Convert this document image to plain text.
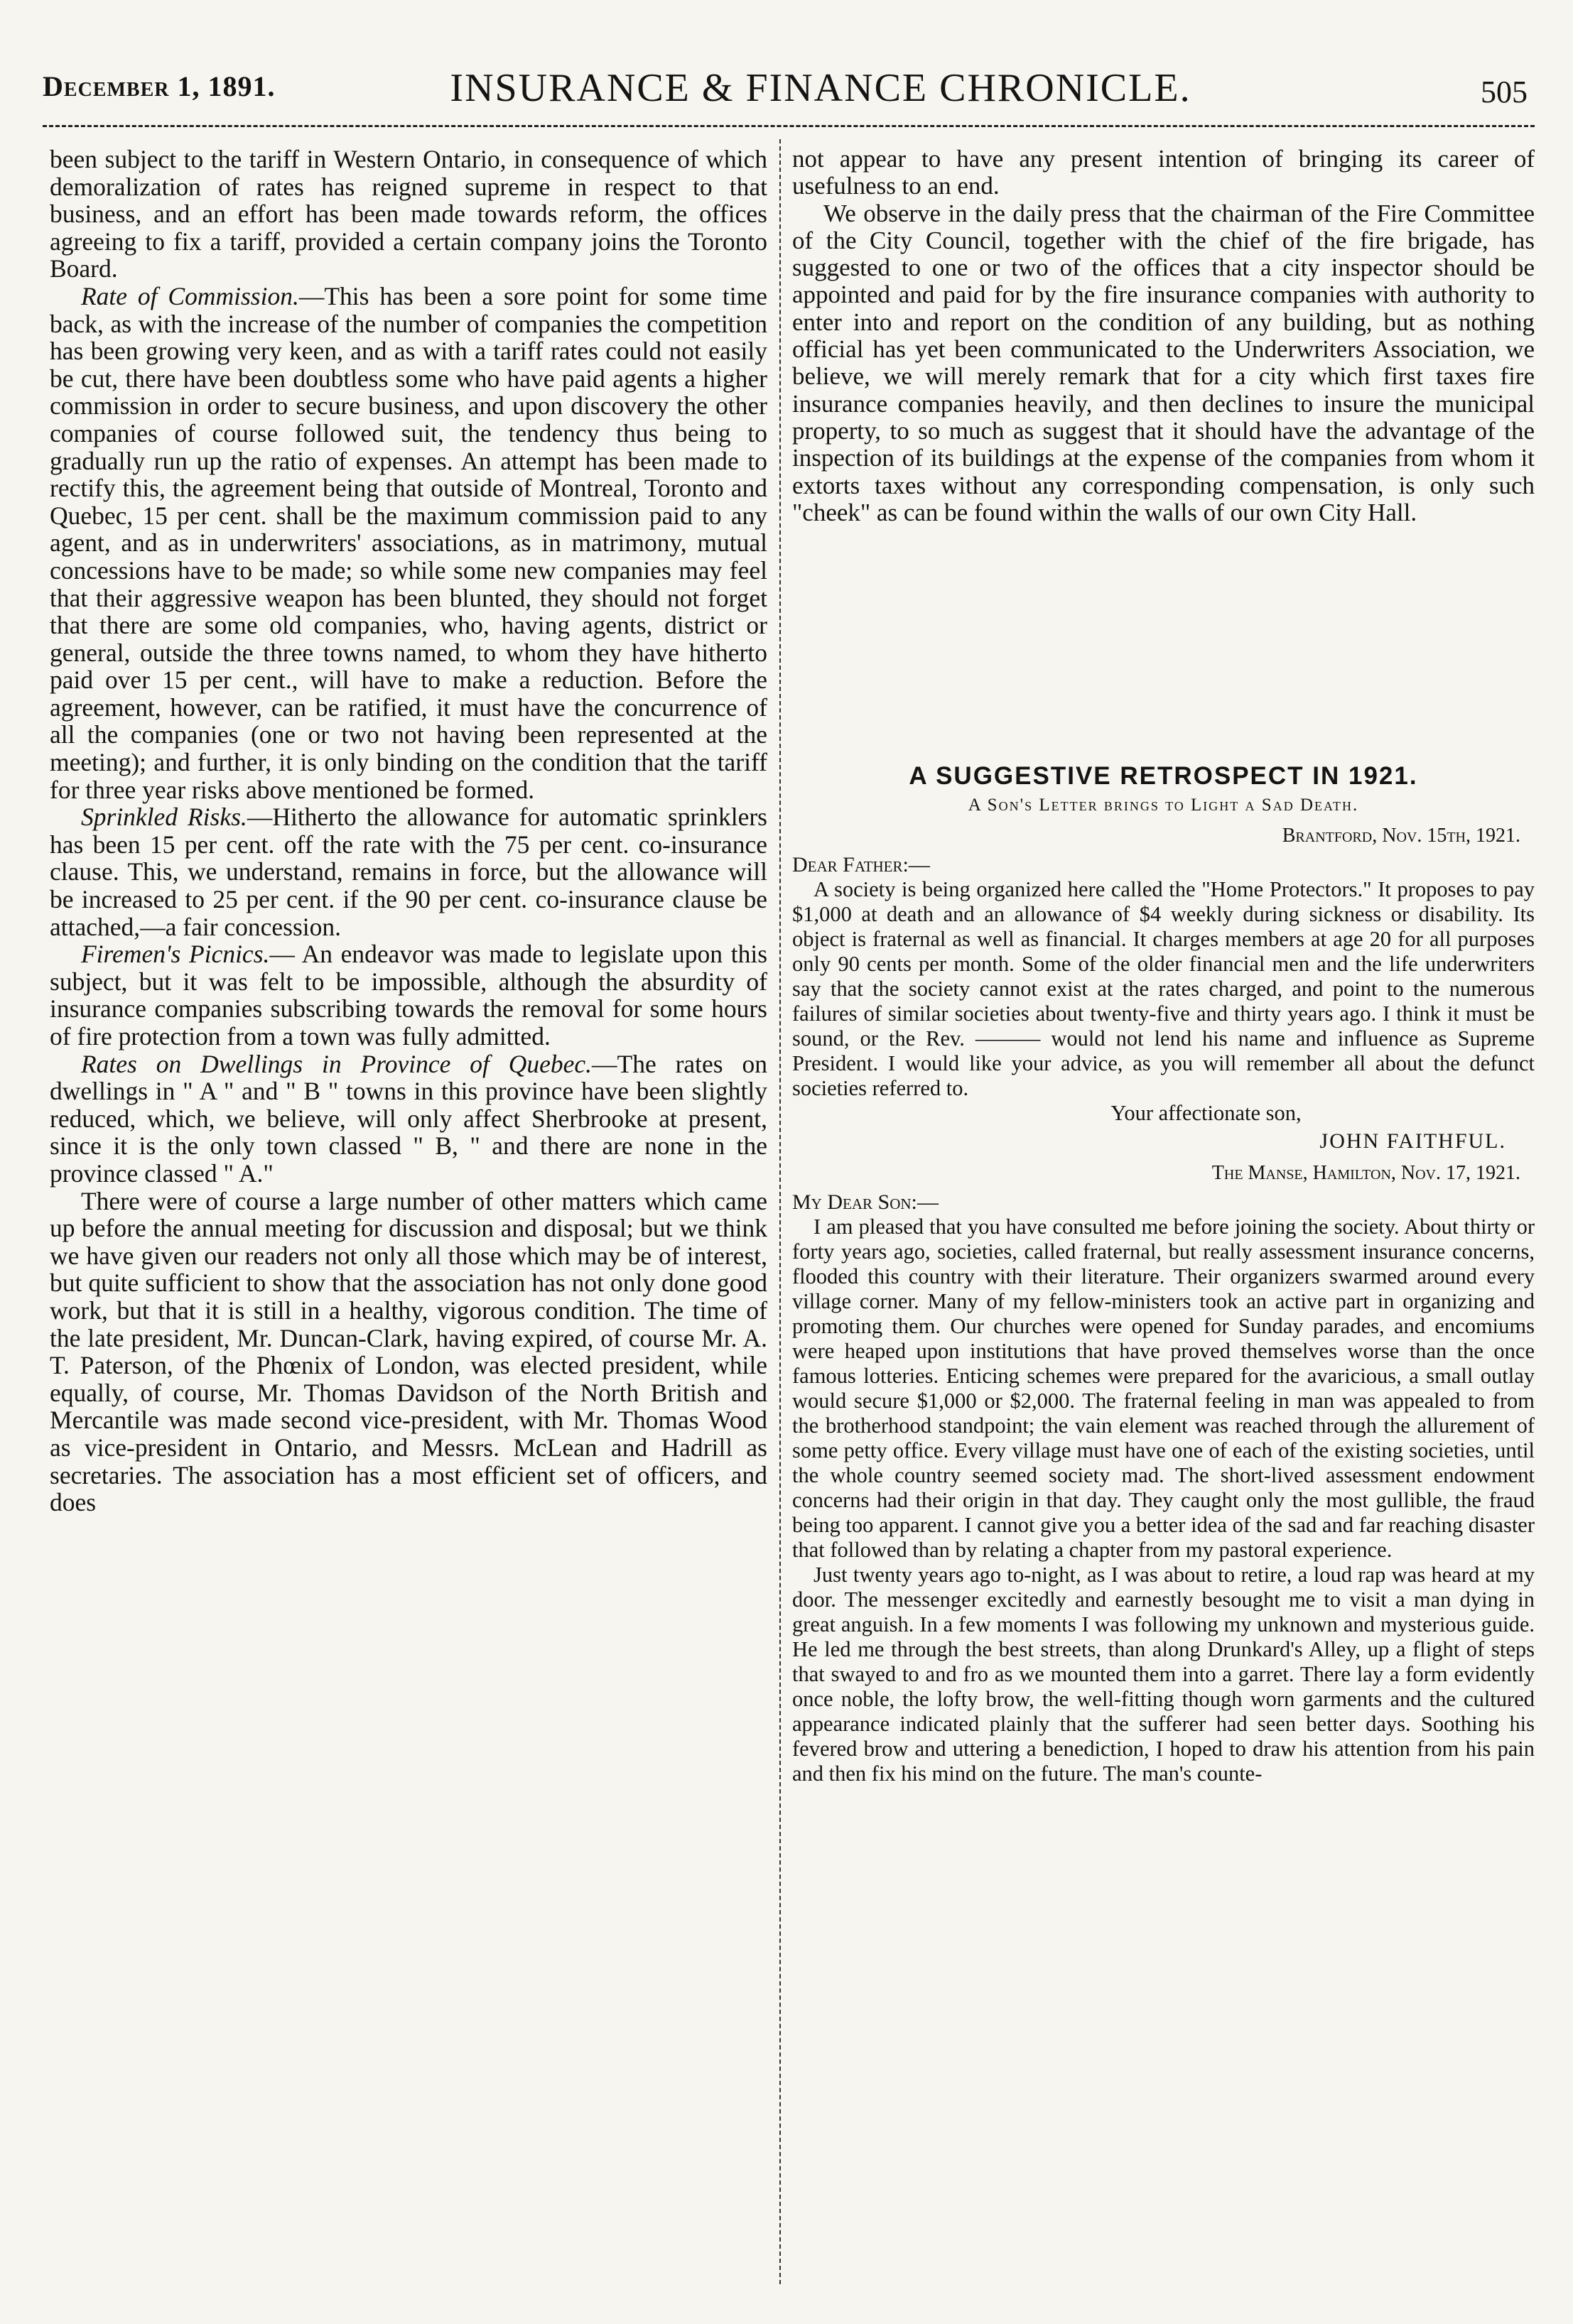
December 1, 1891.	INSURANCE & FINANCE CHRONICLE.	505

been subject to the tariff in Western Ontario, in consequence of which demoralization of rates has reigned supreme in respect to that business, and an effort has been made towards reform, the offices agreeing to fix a tariff, provided a certain company joins the Toronto Board.

Rate of Commission.—This has been a sore point for some time back, as with the increase of the number of companies the competition has been growing very keen, and as with a tariff rates could not easily be cut, there have been doubtless some who have paid agents a higher commission in order to secure business, and upon discovery the other companies of course followed suit, the tendency thus being to gradually run up the ratio of expenses. An attempt has been made to rectify this, the agreement being that outside of Montreal, Toronto and Quebec, 15 per cent. shall be the maximum commission paid to any agent, and as in underwriters' associations, as in matrimony, mutual concessions have to be made; so while some new companies may feel that their aggressive weapon has been blunted, they should not forget that there are some old companies, who, having agents, district or general, outside the three towns named, to whom they have hitherto paid over 15 per cent., will have to make a reduction. Before the agreement, however, can be ratified, it must have the concurrence of all the companies (one or two not having been represented at the meeting); and further, it is only binding on the condition that the tariff for three year risks above mentioned be formed.

Sprinkled Risks.—Hitherto the allowance for automatic sprinklers has been 15 per cent. off the rate with the 75 per cent. co-insurance clause. This, we understand, remains in force, but the allowance will be increased to 25 per cent. if the 90 per cent. co-insurance clause be attached,—a fair concession.

Firemen's Picnics.— An endeavor was made to legislate upon this subject, but it was felt to be impossible, although the absurdity of insurance companies subscribing towards the removal for some hours of fire protection from a town was fully admitted.

Rates on Dwellings in Province of Quebec.—The rates on dwellings in " A " and " B " towns in this province have been slightly reduced, which, we believe, will only affect Sherbrooke at present, since it is the only town classed " B, " and there are none in the province classed " A."

There were of course a large number of other matters which came up before the annual meeting for discussion and disposal; but we think we have given our readers not only all those which may be of interest, but quite sufficient to show that the association has not only done good work, but that it is still in a healthy, vigorous condition. The time of the late president, Mr. Duncan-Clark, having expired, of course Mr. A. T. Paterson, of the Phœnix of London, was elected president, while equally, of course, Mr. Thomas Davidson of the North British and Mercantile was made second vice-president, with Mr. Thomas Wood as vice-president in Ontario, and Messrs. McLean and Hadrill as secretaries. The association has a most efficient set of officers, and does

not appear to have any present intention of bringing its career of usefulness to an end.

We observe in the daily press that the chairman of the Fire Committee of the City Council, together with the chief of the fire brigade, has suggested to one or two of the offices that a city inspector should be appointed and paid for by the fire insurance companies with authority to enter into and report on the condition of any building, but as nothing official has yet been communicated to the Underwriters Association, we believe, we will merely remark that for a city which first taxes fire insurance companies heavily, and then declines to insure the municipal property, to so much as suggest that it should have the advantage of the inspection of its buildings at the expense of the companies from whom it extorts taxes without any corresponding compensation, is only such "cheek" as can be found within the walls of our own City Hall.

A SUGGESTIVE RETROSPECT IN 1921.
A Son's Letter brings to Light a Sad Death.
Brantford, Nov. 15th, 1921.
Dear Father:—

A society is being organized here called the "Home Protectors." It proposes to pay $1,000 at death and an allowance of $4 weekly during sickness or disability. Its object is fraternal as well as financial. It charges members at age 20 for all purposes only 90 cents per month. Some of the older financial men and the life underwriters say that the society cannot exist at the rates charged, and point to the numerous failures of similar societies about twenty-five and thirty years ago. I think it must be sound, or the Rev. ——— would not lend his name and influence as Supreme President. I would like your advice, as you will remember all about the defunct societies referred to.

Your affectionate son,
JOHN FAITHFUL.
The Manse, Hamilton, Nov. 17, 1921.
My Dear Son:—

I am pleased that you have consulted me before joining the society. About thirty or forty years ago, societies, called fraternal, but really assessment insurance concerns, flooded this country with their literature. Their organizers swarmed around every village corner. Many of my fellow-ministers took an active part in organizing and promoting them. Our churches were opened for Sunday parades, and encomiums were heaped upon institutions that have proved themselves worse than the once famous lotteries. Enticing schemes were prepared for the avaricious, a small outlay would secure $1,000 or $2,000. The fraternal feeling in man was appealed to from the brotherhood standpoint; the vain element was reached through the allurement of some petty office. Every village must have one of each of the existing societies, until the whole country seemed society mad. The short-lived assessment endowment concerns had their origin in that day. They caught only the most gullible, the fraud being too apparent. I cannot give you a better idea of the sad and far reaching disaster that followed than by relating a chapter from my pastoral experience.

Just twenty years ago to-night, as I was about to retire, a loud rap was heard at my door. The messenger excitedly and earnestly besought me to visit a man dying in great anguish. In a few moments I was following my unknown and mysterious guide. He led me through the best streets, than along Drunkard's Alley, up a flight of steps that swayed to and fro as we mounted them into a garret. There lay a form evidently once noble, the lofty brow, the well-fitting though worn garments and the cultured appearance indicated plainly that the sufferer had seen better days. Soothing his fevered brow and uttering a benediction, I hoped to draw his attention from his pain and then fix his mind on the future. The man's counte-
